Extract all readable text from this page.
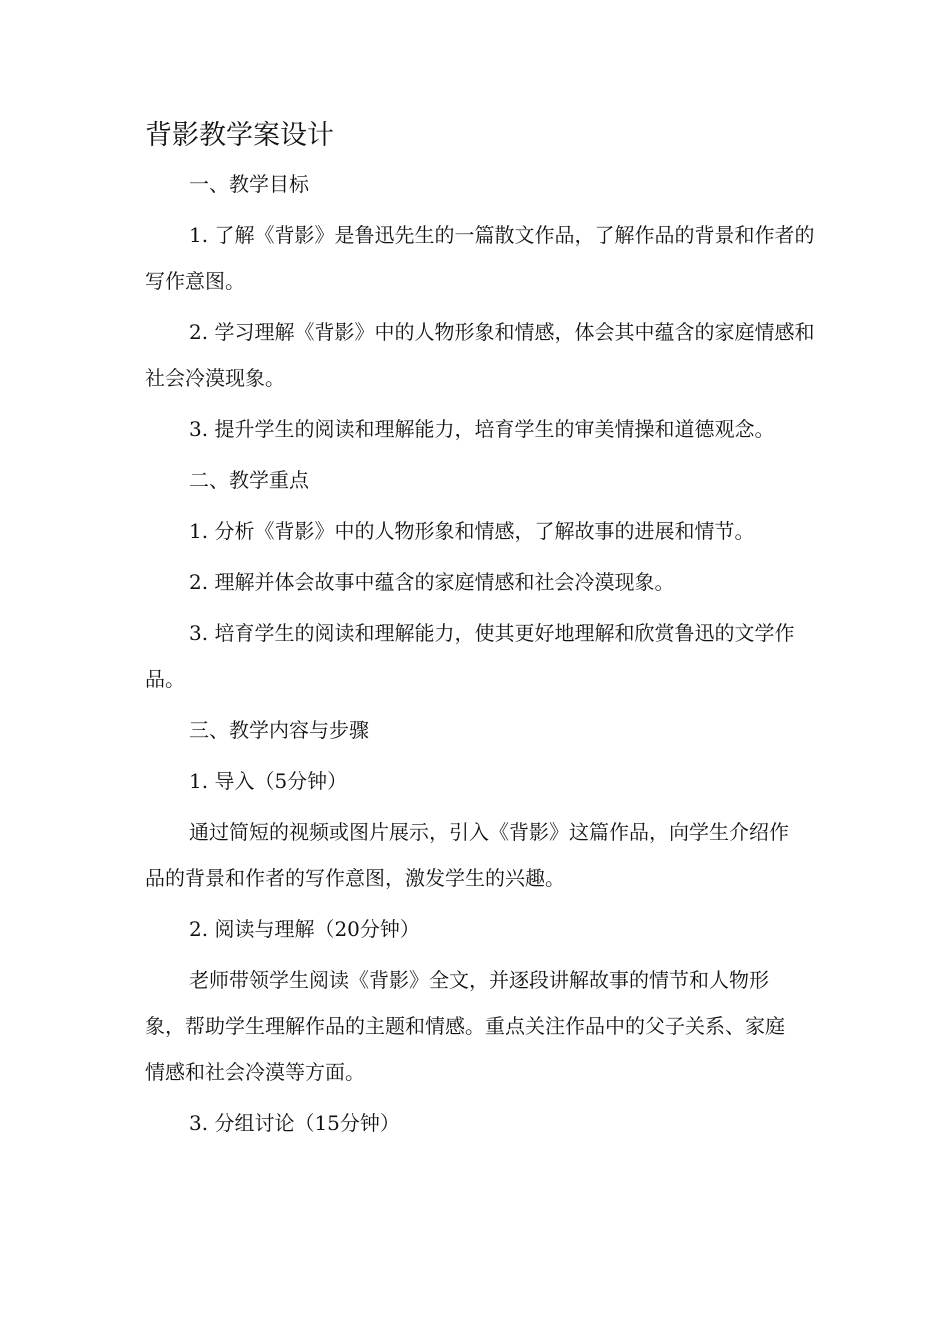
背影教学案设计

一、教学目标

1. 了解《背影》是鲁迅先生的一篇散文作品，了解作品的背景和作者的写作意图。

2. 学习理解《背影》中的人物形象和情感，体会其中蕴含的家庭情感和社会冷漠现象。

3. 提升学生的阅读和理解能力，培育学生的审美情操和道德观念。

二、教学重点

1. 分析《背影》中的人物形象和情感，了解故事的进展和情节。

2. 理解并体会故事中蕴含的家庭情感和社会冷漠现象。

3. 培育学生的阅读和理解能力，使其更好地理解和欣赏鲁迅的文学作品。

三、教学内容与步骤

1. 导入（5分钟）

通过简短的视频或图片展示，引入《背影》这篇作品，向学生介绍作品的背景和作者的写作意图，激发学生的兴趣。

2. 阅读与理解（20分钟）

老师带领学生阅读《背影》全文，并逐段讲解故事的情节和人物形象，帮助学生理解作品的主题和情感。重点关注作品中的父子关系、家庭情感和社会冷漠等方面。

3. 分组讨论（15分钟）
